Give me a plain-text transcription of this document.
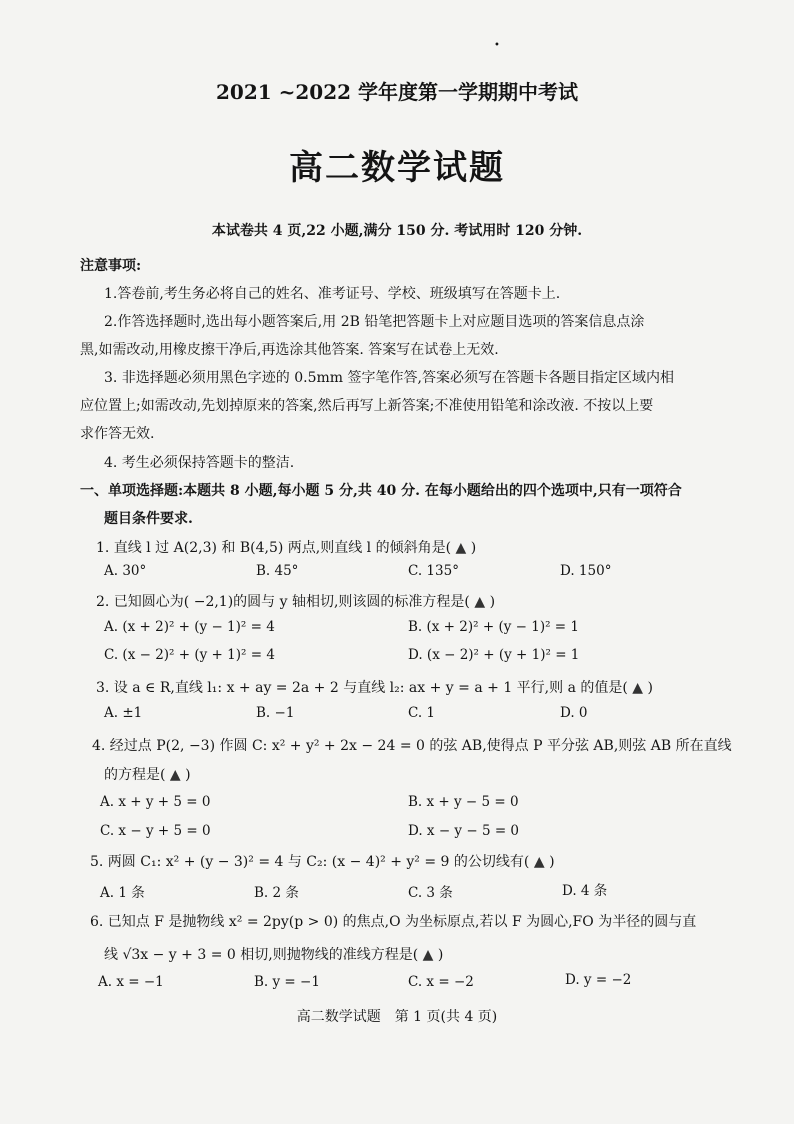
•
2021 ~2022 学年度第一学期期中考试
高二数学试题
本试卷共 4 页,22 小题,满分 150 分. 考试用时 120 分钟.
注意事项:
1.答卷前,考生务必将自己的姓名、准考证号、学校、班级填写在答题卡上.
2.作答选择题时,选出每小题答案后,用 2B 铅笔把答题卡上对应题目选项的答案信息点涂
黑,如需改动,用橡皮擦干净后,再选涂其他答案. 答案写在试卷上无效.
3. 非选择题必须用黑色字迹的 0.5mm 签字笔作答,答案必须写在答题卡各题目指定区域内相
应位置上;如需改动,先划掉原来的答案,然后再写上新答案;不准使用铅笔和涂改液. 不按以上要
求作答无效.
4. 考生必须保持答题卡的整洁.
一、单项选择题:本题共 8 小题,每小题 5 分,共 40 分. 在每小题给出的四个选项中,只有一项符合
题目条件要求.
1. 直线 l 过 A(2,3) 和 B(4,5) 两点,则直线 l 的倾斜角是( ▲ )
A. 30°	B. 45°	C. 135°	D. 150°
2. 已知圆心为( −2,1)的圆与 y 轴相切,则该圆的标准方程是( ▲ )
A. (x + 2)² + (y − 1)² = 4	B. (x + 2)² + (y − 1)² = 1
C. (x − 2)² + (y + 1)² = 4	D. (x − 2)² + (y + 1)² = 1
3. 设 a ∈ R,直线 l₁: x + ay = 2a + 2 与直线 l₂: ax + y = a + 1 平行,则 a 的值是( ▲ )
A. ±1	B. −1	C. 1	D. 0
4. 经过点 P(2, −3) 作圆 C: x² + y² + 2x − 24 = 0 的弦 AB,使得点 P 平分弦 AB,则弦 AB 所在直线
的方程是( ▲ )
A. x + y + 5 = 0	B. x + y − 5 = 0
C. x − y + 5 = 0	D. x − y − 5 = 0
5. 两圆 C₁: x² + (y − 3)² = 4 与 C₂: (x − 4)² + y² = 9 的公切线有( ▲ )
A. 1 条	B. 2 条	C. 3 条	D. 4 条
6. 已知点 F 是抛物线 x² = 2py(p > 0) 的焦点,O 为坐标原点,若以 F 为圆心,FO 为半径的圆与直
线 √3x − y + 3 = 0 相切,则抛物线的准线方程是( ▲ )
A. x = −1	B. y = −1	C. x = −2	D. y = −2
高二数学试题　第 1 页(共 4 页)
